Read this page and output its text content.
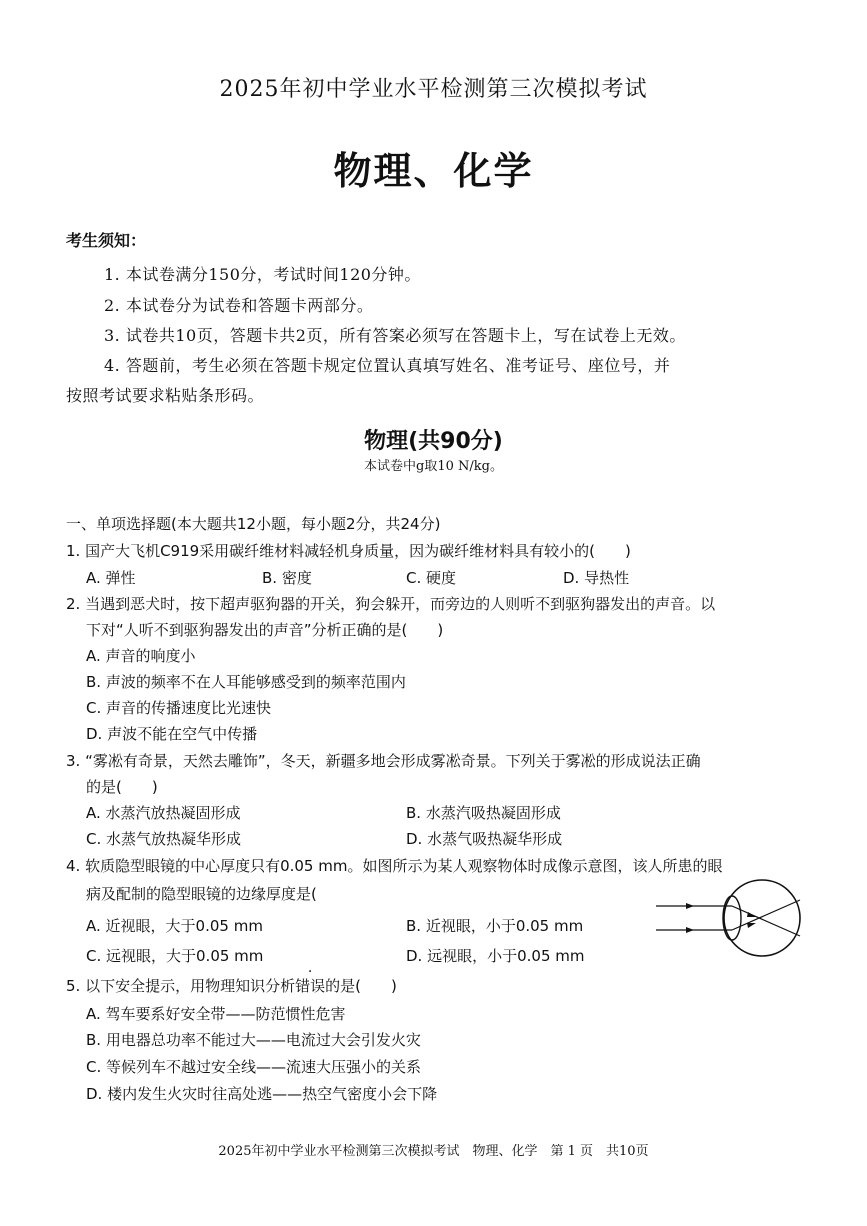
2025年初中学业水平检测第三次模拟考试
物理、化学
考生须知：
1. 本试卷满分150分，考试时间120分钟。
2. 本试卷分为试卷和答题卡两部分。
3. 试卷共10页，答题卡共2页，所有答案必须写在答题卡上，写在试卷上无效。
4. 答题前，考生必须在答题卡规定位置认真填写姓名、准考证号、座位号，并
按照考试要求粘贴条形码。
物理(共90分)
本试卷中g取10 N/kg。
一、单项选择题(本大题共12小题，每小题2分，共24分)
1. 国产大飞机C919采用碳纤维材料减轻机身质量，因为碳纤维材料具有较小的(　　)
A. 弹性	B. 密度	C. 硬度	D. 导热性
2. 当遇到恶犬时，按下超声驱狗器的开关，狗会躲开，而旁边的人则听不到驱狗器发出的声音。以
下对“人听不到驱狗器发出的声音”分析正确的是(　　)
A. 声音的响度小
B. 声波的频率不在人耳能够感受到的频率范围内
C. 声音的传播速度比光速快
D. 声波不能在空气中传播
3. “雾凇有奇景，天然去雕饰”，冬天，新疆多地会形成雾凇奇景。下列关于雾凇的形成说法正确
的是(　　)
A. 水蒸汽放热凝固形成	B. 水蒸汽吸热凝固形成
C. 水蒸气放热凝华形成	D. 水蒸气吸热凝华形成
4. 软质隐型眼镜的中心厚度只有0.05 mm。如图所示为某人观察物体时成像示意图，该人所患的眼
病及配制的隐型眼镜的边缘厚度是(
A. 近视眼，大于0.05 mm	B. 近视眼，小于0.05 mm
C. 远视眼，大于0.05 mm	D. 远视眼，小于0.05 mm
5. 以下安全提示，用物理知识分析错误的是(　　)
A. 驾车要系好安全带——防范惯性危害
B. 用电器总功率不能过大——电流过大会引发火灾
C. 等候列车不越过安全线——流速大压强小的关系
D. 楼内发生火灾时往高处逃——热空气密度小会下降
2025年初中学业水平检测第三次模拟考试　物理、化学　第 1 页　共10页
